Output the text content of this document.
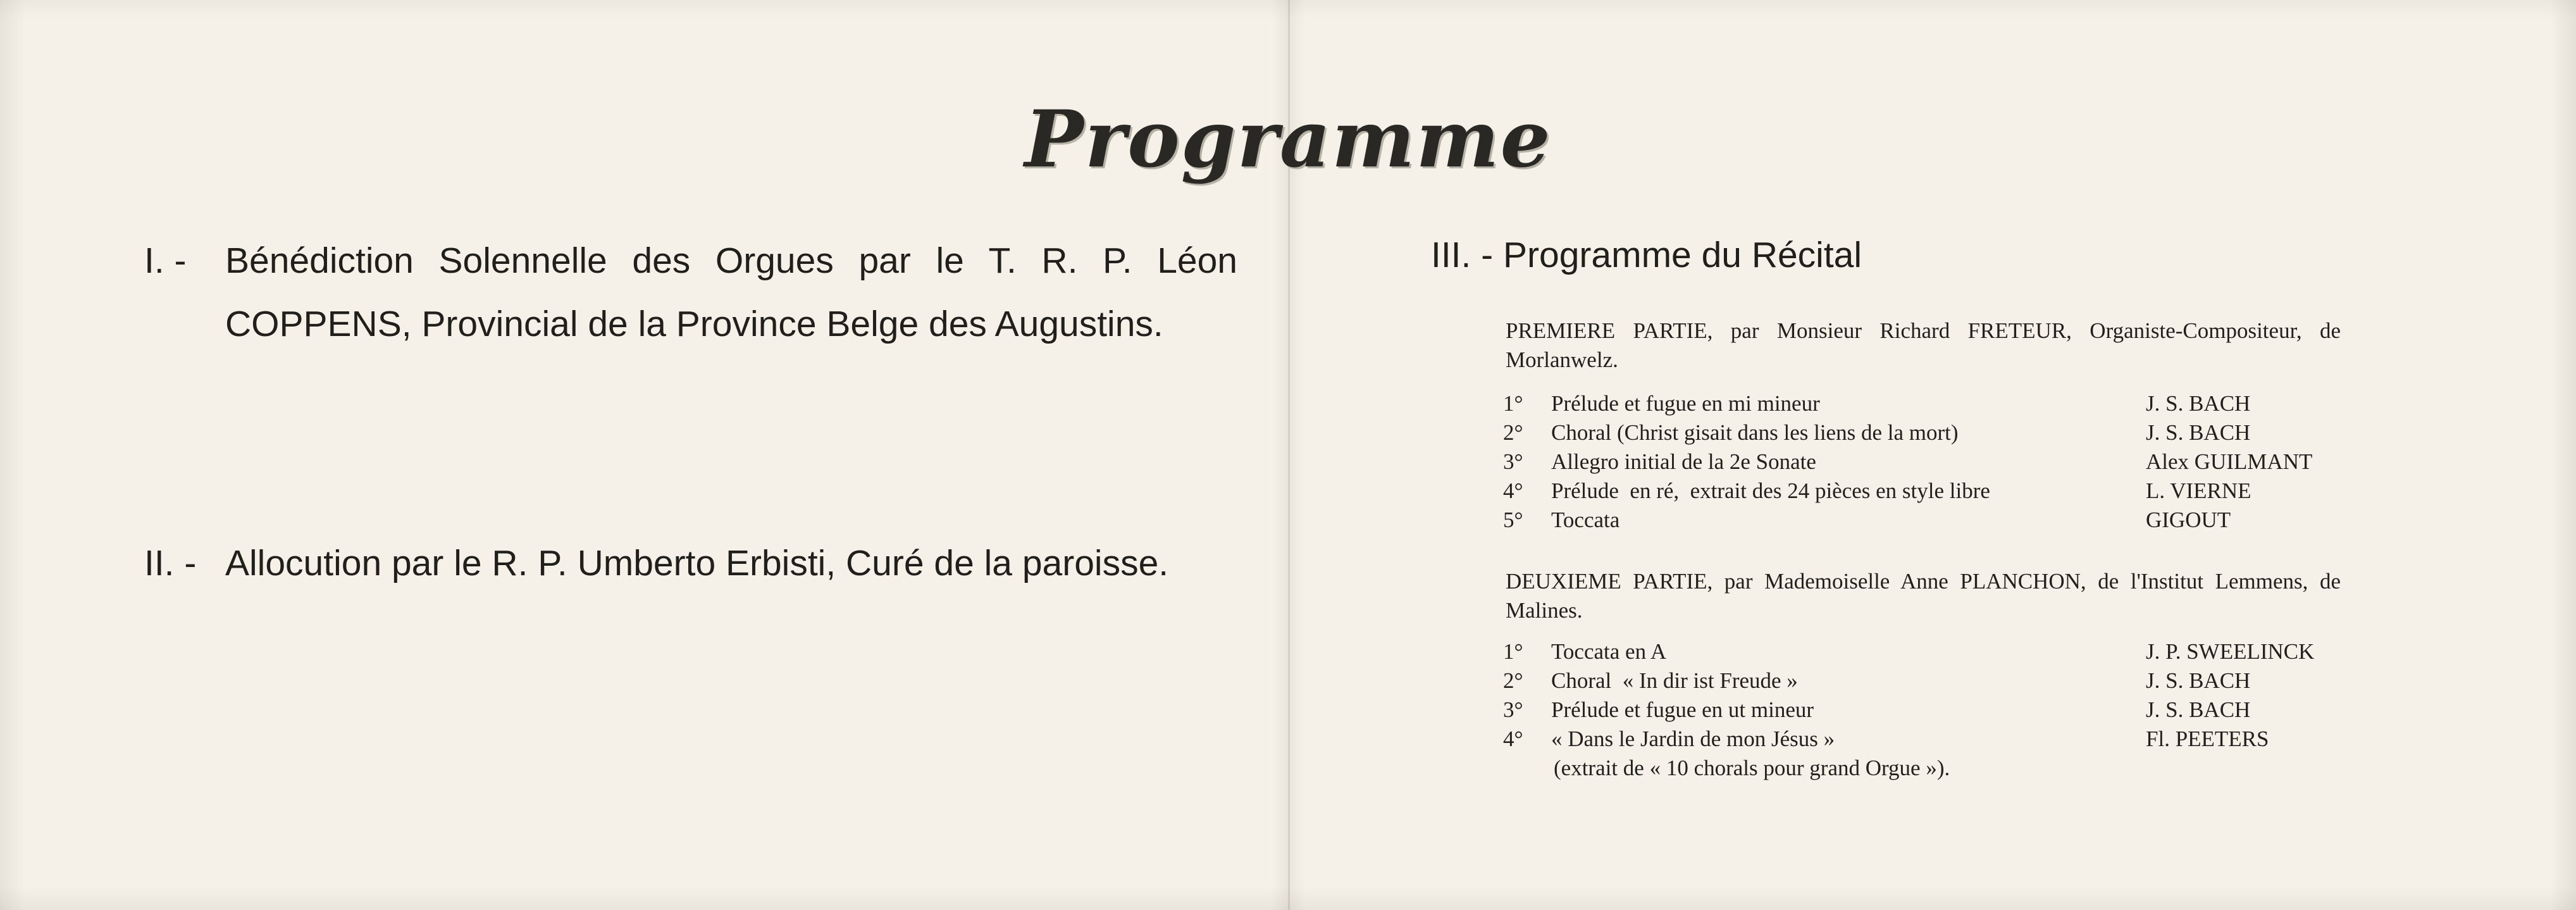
Programme
I. - Bénédiction Solennelle des Orgues par le T. R. P. Léon COPPENS, Provincial de la Province Belge des Augustins.
II. - Allocution par le R. P. Umberto Erbisti, Curé de la paroisse.
III. - Programme du Récital
PREMIERE PARTIE, par Monsieur Richard FRETEUR, Organiste-Compositeur, de Morlanwelz.
1° Prélude et fugue en mi mineur	J. S. BACH
2° Choral (Christ gisait dans les liens de la mort)	J. S. BACH
3° Allegro initial de la 2e Sonate	Alex GUILMANT
4° Prélude  en ré,  extrait des 24 pièces en style libre	L. VIERNE
5° Toccata	GIGOUT
DEUXIEME PARTIE, par Mademoiselle Anne PLANCHON, de l'Institut Lemmens, de Malines.
1° Toccata en A	J. P. SWEELINCK
2° Choral  « In dir ist Freude »	J. S. BACH
3° Prélude et fugue en ut mineur	J. S. BACH
4° « Dans le Jardin de mon Jésus »	Fl. PEETERS
(extrait de « 10 chorals pour grand Orgue »).
